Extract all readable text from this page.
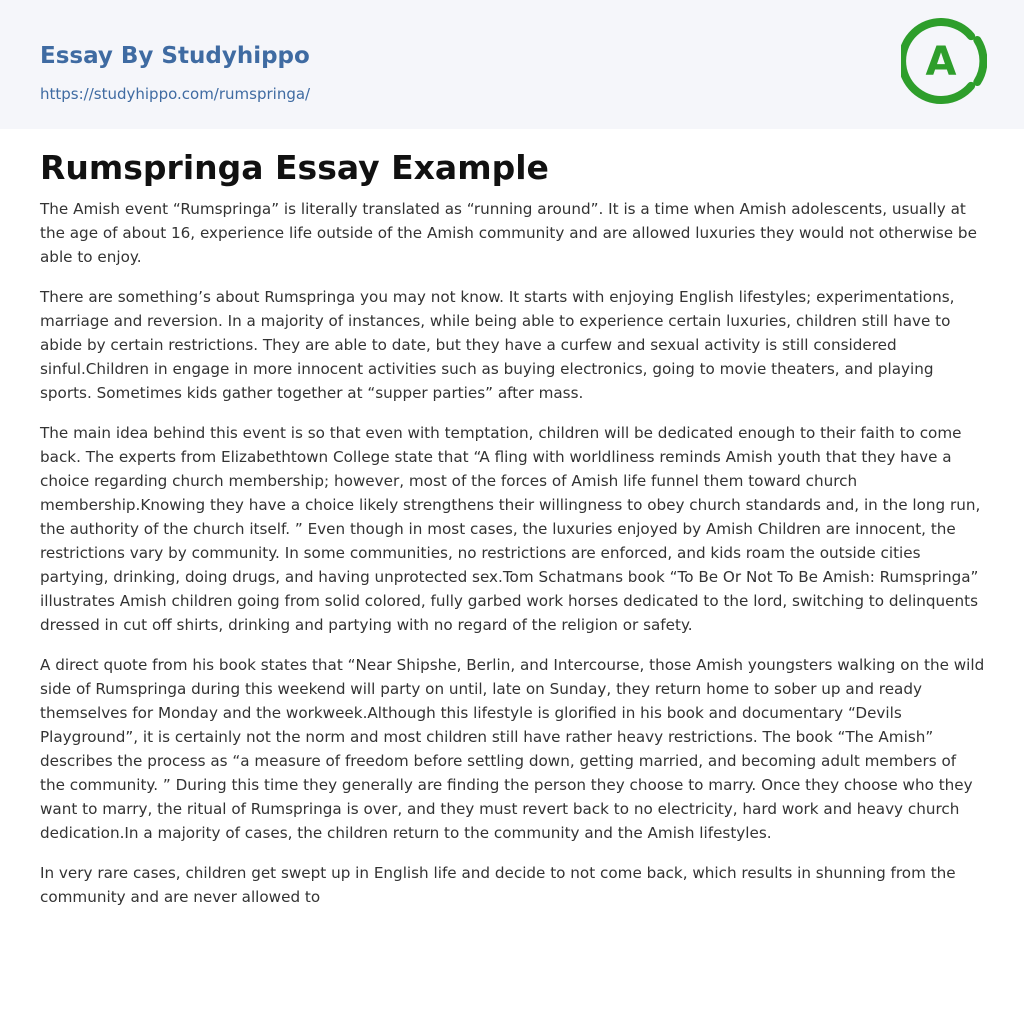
Essay By Studyhippo
https://studyhippo.com/rumspringa/
A
Rumspringa Essay Example

The Amish event “Rumspringa” is literally translated as “running around”. It is a time when Amish adolescents, usually at the age of about 16, experience life outside of the Amish community and are allowed luxuries they would not otherwise be able to enjoy.

There are something’s about Rumspringa you may not know. It starts with enjoying English lifestyles; experimentations, marriage and reversion. In a majority of instances, while being able to experience certain luxuries, children still have to abide by certain restrictions. They are able to date, but they have a curfew and sexual activity is still considered sinful.Children in engage in more innocent activities such as buying electronics, going to movie theaters, and playing sports. Sometimes kids gather together at “supper parties” after mass.

The main idea behind this event is so that even with temptation, children will be dedicated enough to their faith to come back. The experts from Elizabethtown College state that “A fling with worldliness reminds Amish youth that they have a choice regarding church membership; however, most of the forces of Amish life funnel them toward church membership.Knowing they have a choice likely strengthens their willingness to obey church standards and, in the long run, the authority of the church itself. ” Even though in most cases, the luxuries enjoyed by Amish Children are innocent, the restrictions vary by community. In some communities, no restrictions are enforced, and kids roam the outside cities partying, drinking, doing drugs, and having unprotected sex.Tom Schatmans book “To Be Or Not To Be Amish: Rumspringa” illustrates Amish children going from solid colored, fully garbed work horses dedicated to the lord, switching to delinquents dressed in cut off shirts, drinking and partying with no regard of the religion or safety.

A direct quote from his book states that “Near Shipshe, Berlin, and Intercourse, those Amish youngsters walking on the wild side of Rumspringa during this weekend will party on until, late on Sunday, they return home to sober up and ready themselves for Monday and the workweek.Although this lifestyle is glorified in his book and documentary “Devils Playground”, it is certainly not the norm and most children still have rather heavy restrictions. The book “The Amish” describes the process as “a measure of freedom before settling down, getting married, and becoming adult members of the community. ” During this time they generally are finding the person they choose to marry. Once they choose who they want to marry, the ritual of Rumspringa is over, and they must revert back to no electricity, hard work and heavy church dedication.In a majority of cases, the children return to the community and the Amish lifestyles.

In very rare cases, children get swept up in English life and decide to not come back, which results in shunning from the community and are never allowed to
